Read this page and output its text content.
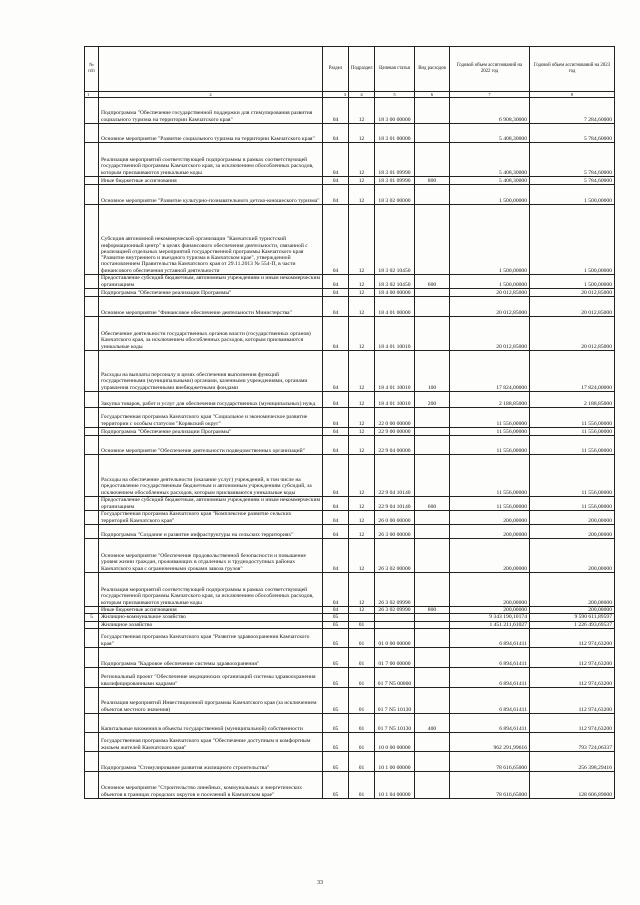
№ п/п		Раздел	Подраздел	Целевая статья	Вид расходов	Годовой объем ассигнований на 2022 год	Годовой объем ассигнований на 2023 год
1	2	3	4	5	6	7	8
	Подпрограмма "Обеспечение государственной поддержки для стимулирования развития социального туризма на территории Камчатского края"	04	12	18 3 00 00000		6 908,30000	7 284,60000
	Основное мероприятие "Развитие социального туризма на территории Камчатского края"	04	12	18 3 01 00000		5 408,30000	5 784,60000
	Реализация мероприятий соответствующей подпрограммы в рамках соответствующей государственной программы Камчатского края, за исключением обособленных расходов, которым присваиваются уникальные коды	04	12	18 3 01 09990		5 408,30000	5 784,60000
	Иные бюджетные ассигнования	04	12	18 3 01 09990	800	5 408,30000	5 784,60000
	Основное мероприятие "Развитие культурно-познавательного детско-юношеского туризма"	04	12	18 3 02 00000		1 500,00000	1 500,00000
	Субсидия автономной некоммерческой организации "Камчатский туристский информационный центр" в целях финансового обеспечения деятельности, связанной с реализацией отдельных мероприятий государственной программы Камчатского края "Развитие внутреннего и въездного туризма в Камчатском крае", утвержденной постановлением Правительства Камчатского края от 29.11.2013 № 554-П, в части финансового обеспечения уставной деятельности	04	12	18 3 02 10450		1 500,00000	1 500,00000
	Предоставление субсидий бюджетным, автономным учреждениям и иным некоммерческим организациям	04	12	18 3 02 10450	600	1 500,00000	1 500,00000
	Подпрограмма "Обеспечение реализации Программы"	04	12	18 4 00 00000		20 012,85000	20 012,85000
	Основное мероприятие "Финансовое обеспечение деятельности Министерства"	04	12	18 4 01 00000		20 012,85000	20 012,85000
	Обеспечение деятельности государственных органов власти (государственных органов) Камчатского края, за исключением обособленных расходов, которым присваиваются уникальные коды	04	12	18 4 01 10010		20 012,85000	20 012,85000
	Расходы на выплаты персоналу в целях обеспечения выполнения функций государственными (муниципальными) органами, казенными учреждениями, органами управления государственными внебюджетными фондами	04	12	18 4 01 10010	100	17 824,00000	17 824,00000
	Закупка товаров, работ и услуг для обеспечения государственных (муниципальных) нужд	04	12	18 4 01 10010	200	2 188,85000	2 188,85000
	Государственная программа Камчатского края "Социальное и экономическое развитие территории с особым статусом "Корякский округ"	04	12	22 0 00 00000		11 556,00000	11 556,00000
	Подпрограмма "Обеспечение реализации Программы"	04	12	22 9 00 00000		11 556,00000	11 556,00000
	Основное мероприятие "Обеспечение деятельности подведомственных организаций"	04	12	22 9 04 00000		11 556,00000	11 556,00000
	Расходы на обеспечение деятельности (оказание услуг) учреждений, в том числе на предоставление государственным бюджетным и автономным учреждениям субсидий, за исключением обособленных расходов, которым присваиваются уникальные коды	04	12	22 9 04 10140		11 556,00000	11 556,00000
	Предоставление субсидий бюджетным, автономным учреждениям и иным некоммерческим организациям	04	12	22 9 04 10140	600	11 556,00000	11 556,00000
	Государственная программа Камчатского края "Комплексное развитие сельских территорий Камчатского края"	04	12	26 0 00 00000		200,00000	200,00000
	Подпрограмма "Создание и развитие инфраструктуры на сельских территориях"	04	12	26 3 00 00000		200,00000	200,00000
	Основное мероприятие "Обеспечение продовольственной безопасности и повышение уровня жизни граждан, проживающих в отдаленных и труднодоступных районах Камчатского края с ограниченными сроками завоза грузов"	04	12	26 3 02 00000		200,00000	200,00000
	Реализация мероприятий соответствующей подпрограммы в рамках соответствующей государственной программы Камчатского края, за исключением обособленных расходов, которым присваиваются уникальные коды	04	12	26 3 02 09990		200,00000	200,00000
	Иные бюджетные ассигнования	04	12	26 3 02 09990	800	200,00000	200,00000
5	Жилищно-коммунальное хозяйство	05				9 343 190,10174	9 590 611,89597
	Жилищное хозяйство	05	01			1 451 211,61027	1 226 493,69537
	Государственная программа Камчатского края "Развитие здравоохранения Камчатского края"	05	01	01 0 00 00000		6 894,61411	112 974,63200
	Подпрограмма "Кадровое обеспечение системы здравоохранения"	05	01	01 7 00 00000		6 894,61411	112 974,63200
	Региональный проект "Обеспечение медицинских организаций системы здравоохранения квалифицированными кадрами"	05	01	01 7 N5 00000		6 894,61411	112 974,63200
	Реализация мероприятий Инвестиционной программы Камчатского края (за исключением объектов местного значения)	05	01	01 7 N5 10130		6 894,61411	112 974,63200
	Капитальные вложения в объекты государственной (муниципальной) собственности	05	01	01 7 N5 10130	400	6 894,61411	112 974,63200
	Государственная программа Камчатского края "Обеспечение доступным и комфортным жильем жителей Камчатского края"	05	01	10 0 00 00000		962 291,99616	793 724,06337
	Подпрограмма "Стимулирование развития жилищного строительства"	05	01	10 1 00 00000		78 616,65000	256 398,29416
	Основное мероприятие "Строительство линейных, коммунальных и энергетических объектов в границах городских округов и поселений в Камчатском крае"	05	01	10 1 04 00000		78 616,65000	128 606,89000
33
